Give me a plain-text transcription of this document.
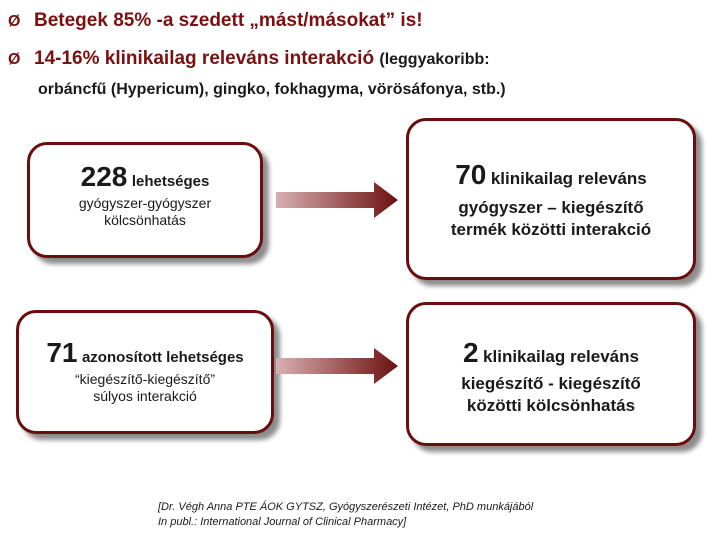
Ø Betegek 85% -a szedett „mást/másokat” is!
Ø 14-16% klinikailag releváns interakció (leggyakoribb:
orbáncfű (Hypericum), gingko, fokhagyma, vörösáfonya, stb.)
228 lehetséges
gyógyszer-gyógyszer
kölcsönhatás
70 klinikailag releváns
gyógyszer – kiegészítő
termék közötti interakció
71 azonosított lehetséges
“kiegészítő-kiegészítő”
súlyos interakció
2 klinikailag releváns
kiegészítő - kiegészítő
közötti kölcsönhatás
[Dr. Végh Anna PTE ÁOK GYTSZ, Gyógyszerészeti Intézet, PhD munkájából
In publ.: International Journal of Clinical Pharmacy]
